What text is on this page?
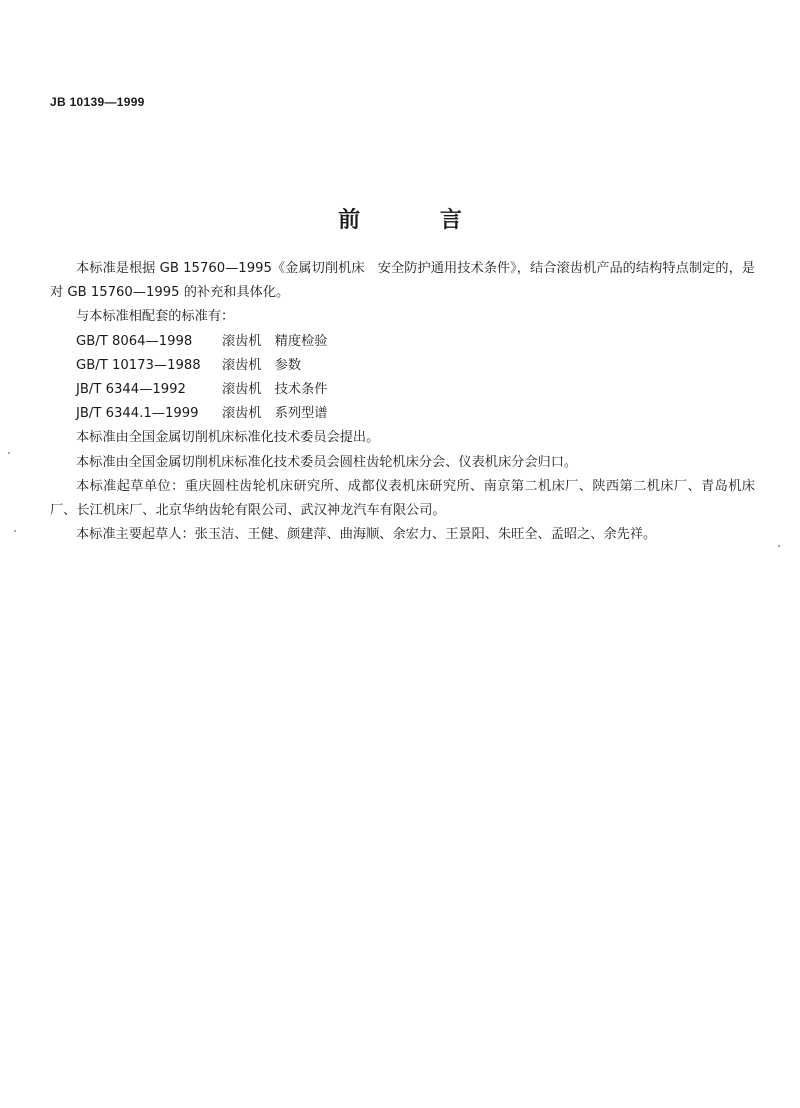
JB 10139—1999
前 言

本标准是根据 GB 15760—1995《金属切削机床　安全防护通用技术条件》，结合滚齿机产品的结构特点制定的，是对 GB 15760—1995 的补充和具体化。

与本标准相配套的标准有：

GB/T 8064—1998	滚齿机　精度检验
GB/T 10173—1988	滚齿机　参数
JB/T 6344—1992	滚齿机　技术条件
JB/T 6344.1—1999	滚齿机　系列型谱

本标准由全国金属切削机床标准化技术委员会提出。

本标准由全国金属切削机床标准化技术委员会圆柱齿轮机床分会、仪表机床分会归口。

本标准起草单位：重庆圆柱齿轮机床研究所、成都仪表机床研究所、南京第二机床厂、陕西第二机床厂、青岛机床厂、长江机床厂、北京华纳齿轮有限公司、武汉神龙汽车有限公司。

本标准主要起草人：张玉洁、王健、颜建萍、曲海顺、余宏力、王景阳、朱旺全、孟昭之、余先祥。
